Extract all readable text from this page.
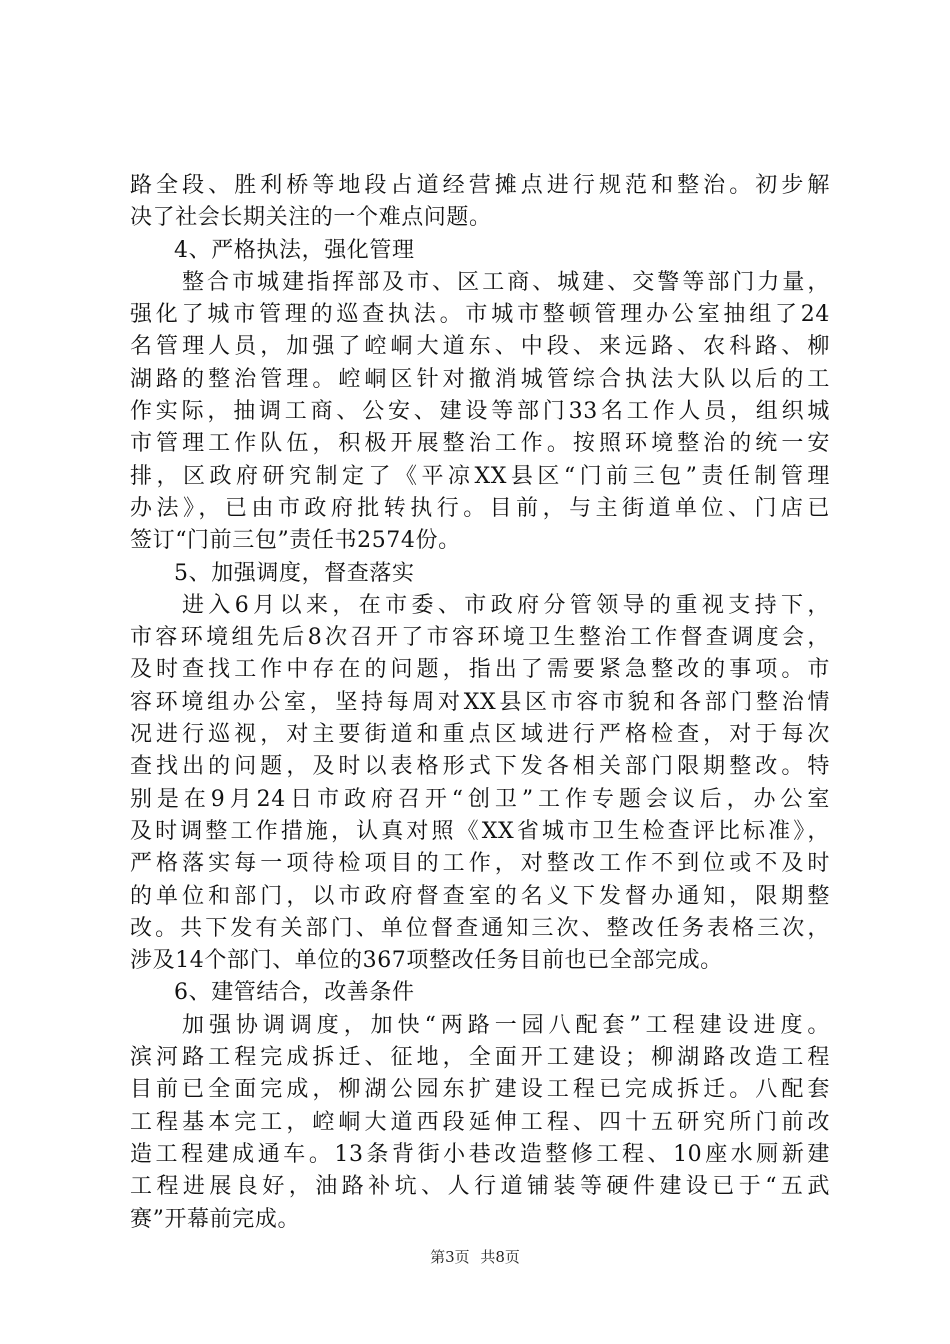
路全段、胜利桥等地段占道经营摊点进行规范和整治。初步解
决了社会长期关注的一个难点问题。
4、严格执法，强化管理
整合市城建指挥部及市、区工商、城建、交警等部门力量，
强化了城市管理的巡查执法。市城市整顿管理办公室抽组了24
名管理人员，加强了崆峒大道东、中段、来远路、农科路、柳
湖路的整治管理。崆峒区针对撤消城管综合执法大队以后的工
作实际，抽调工商、公安、建设等部门33名工作人员，组织城
市管理工作队伍，积极开展整治工作。按照环境整治的统一安
排，区政府研究制定了《平凉XX县区“门前三包”责任制管理
办法》，已由市政府批转执行。目前，与主街道单位、门店已
签订“门前三包”责任书2574份。
5、加强调度，督查落实
进入6月以来，在市委、市政府分管领导的重视支持下，
市容环境组先后8次召开了市容环境卫生整治工作督查调度会，
及时查找工作中存在的问题，指出了需要紧急整改的事项。市
容环境组办公室，坚持每周对XX县区市容市貌和各部门整治情
况进行巡视，对主要街道和重点区域进行严格检查，对于每次
查找出的问题，及时以表格形式下发各相关部门限期整改。特
别是在9月24日市政府召开“创卫”工作专题会议后，办公室
及时调整工作措施，认真对照《XX省城市卫生检查评比标准》，
严格落实每一项待检项目的工作，对整改工作不到位或不及时
的单位和部门，以市政府督查室的名义下发督办通知，限期整
改。共下发有关部门、单位督查通知三次、整改任务表格三次，
涉及14个部门、单位的367项整改任务目前也已全部完成。
6、建管结合，改善条件
加强协调调度，加快“两路一园八配套”工程建设进度。
滨河路工程完成拆迁、征地，全面开工建设；柳湖路改造工程
目前已全面完成，柳湖公园东扩建设工程已完成拆迁。八配套
工程基本完工，崆峒大道西段延伸工程、四十五研究所门前改
造工程建成通车。13条背街小巷改造整修工程、10座水厕新建
工程进展良好，油路补坑、人行道铺装等硬件建设已于“五武
赛”开幕前完成。
第3页 共8页
